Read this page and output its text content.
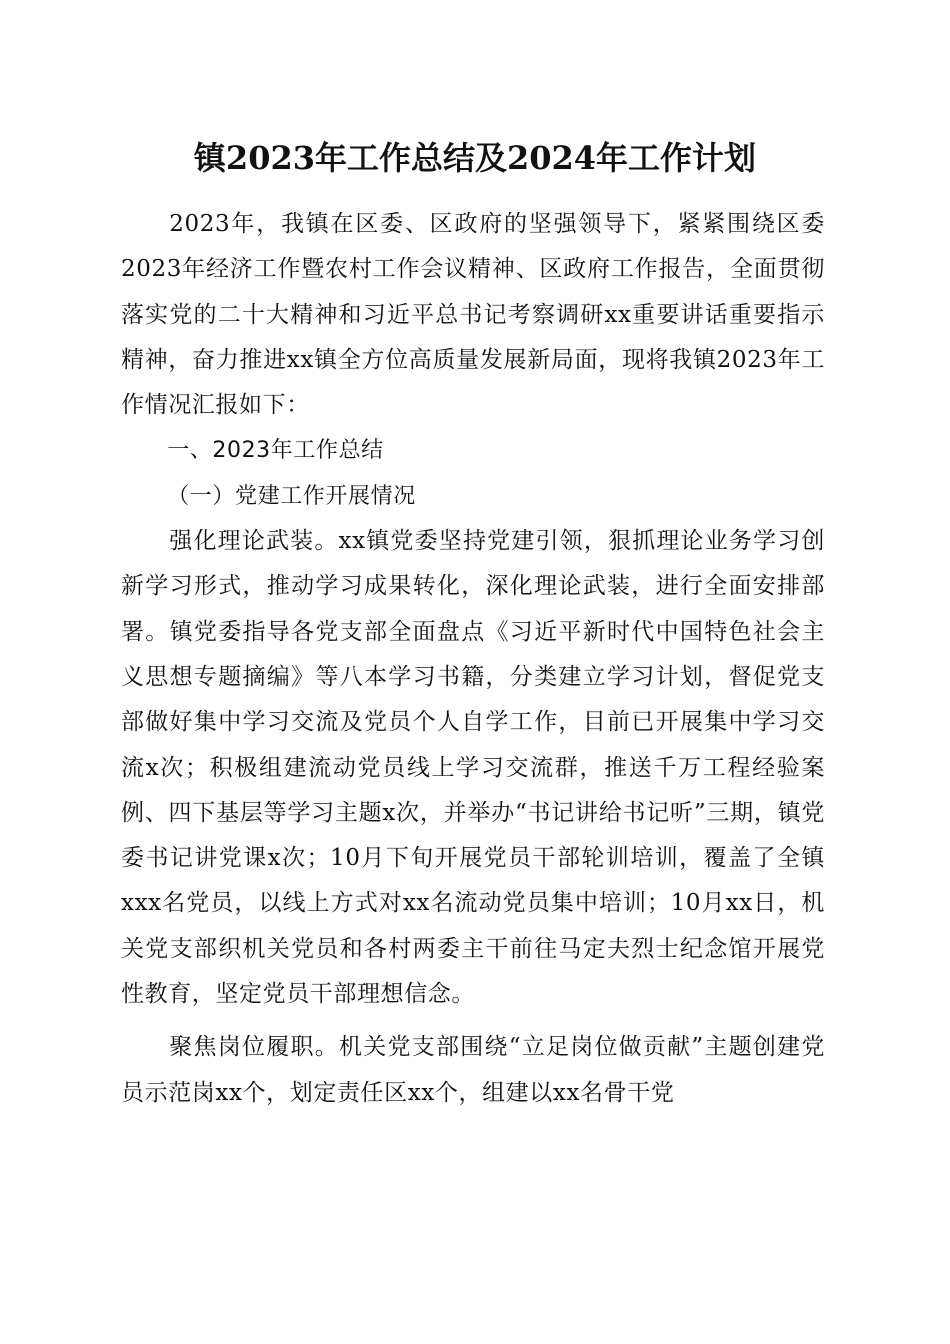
镇2023年工作总结及2024年工作计划

2023年，我镇在区委、区政府的坚强领导下，紧紧围绕区委2023年经济工作暨农村工作会议精神、区政府工作报告，全面贯彻落实党的二十大精神和习近平总书记考察调研xx重要讲话重要指示精神，奋力推进xx镇全方位高质量发展新局面，现将我镇2023年工作情况汇报如下：

一、2023年工作总结

（一）党建工作开展情况

强化理论武装。xx镇党委坚持党建引领，狠抓理论业务学习创新学习形式，推动学习成果转化，深化理论武装，进行全面安排部署。镇党委指导各党支部全面盘点《习近平新时代中国特色社会主义思想专题摘编》等八本学习书籍，分类建立学习计划，督促党支部做好集中学习交流及党员个人自学工作，目前已开展集中学习交流x次；积极组建流动党员线上学习交流群，推送千万工程经验案例、四下基层等学习主题x次，并举办“书记讲给书记听”三期，镇党委书记讲党课x次；10月下旬开展党员干部轮训培训，覆盖了全镇xxx名党员，以线上方式对xx名流动党员集中培训；10月xx日，机关党支部织机关党员和各村两委主干前往马定夫烈士纪念馆开展党性教育，坚定党员干部理想信念。

聚焦岗位履职。机关党支部围绕“立足岗位做贡献”主题创建党员示范岗xx个，划定责任区xx个，组建以xx名骨干党
